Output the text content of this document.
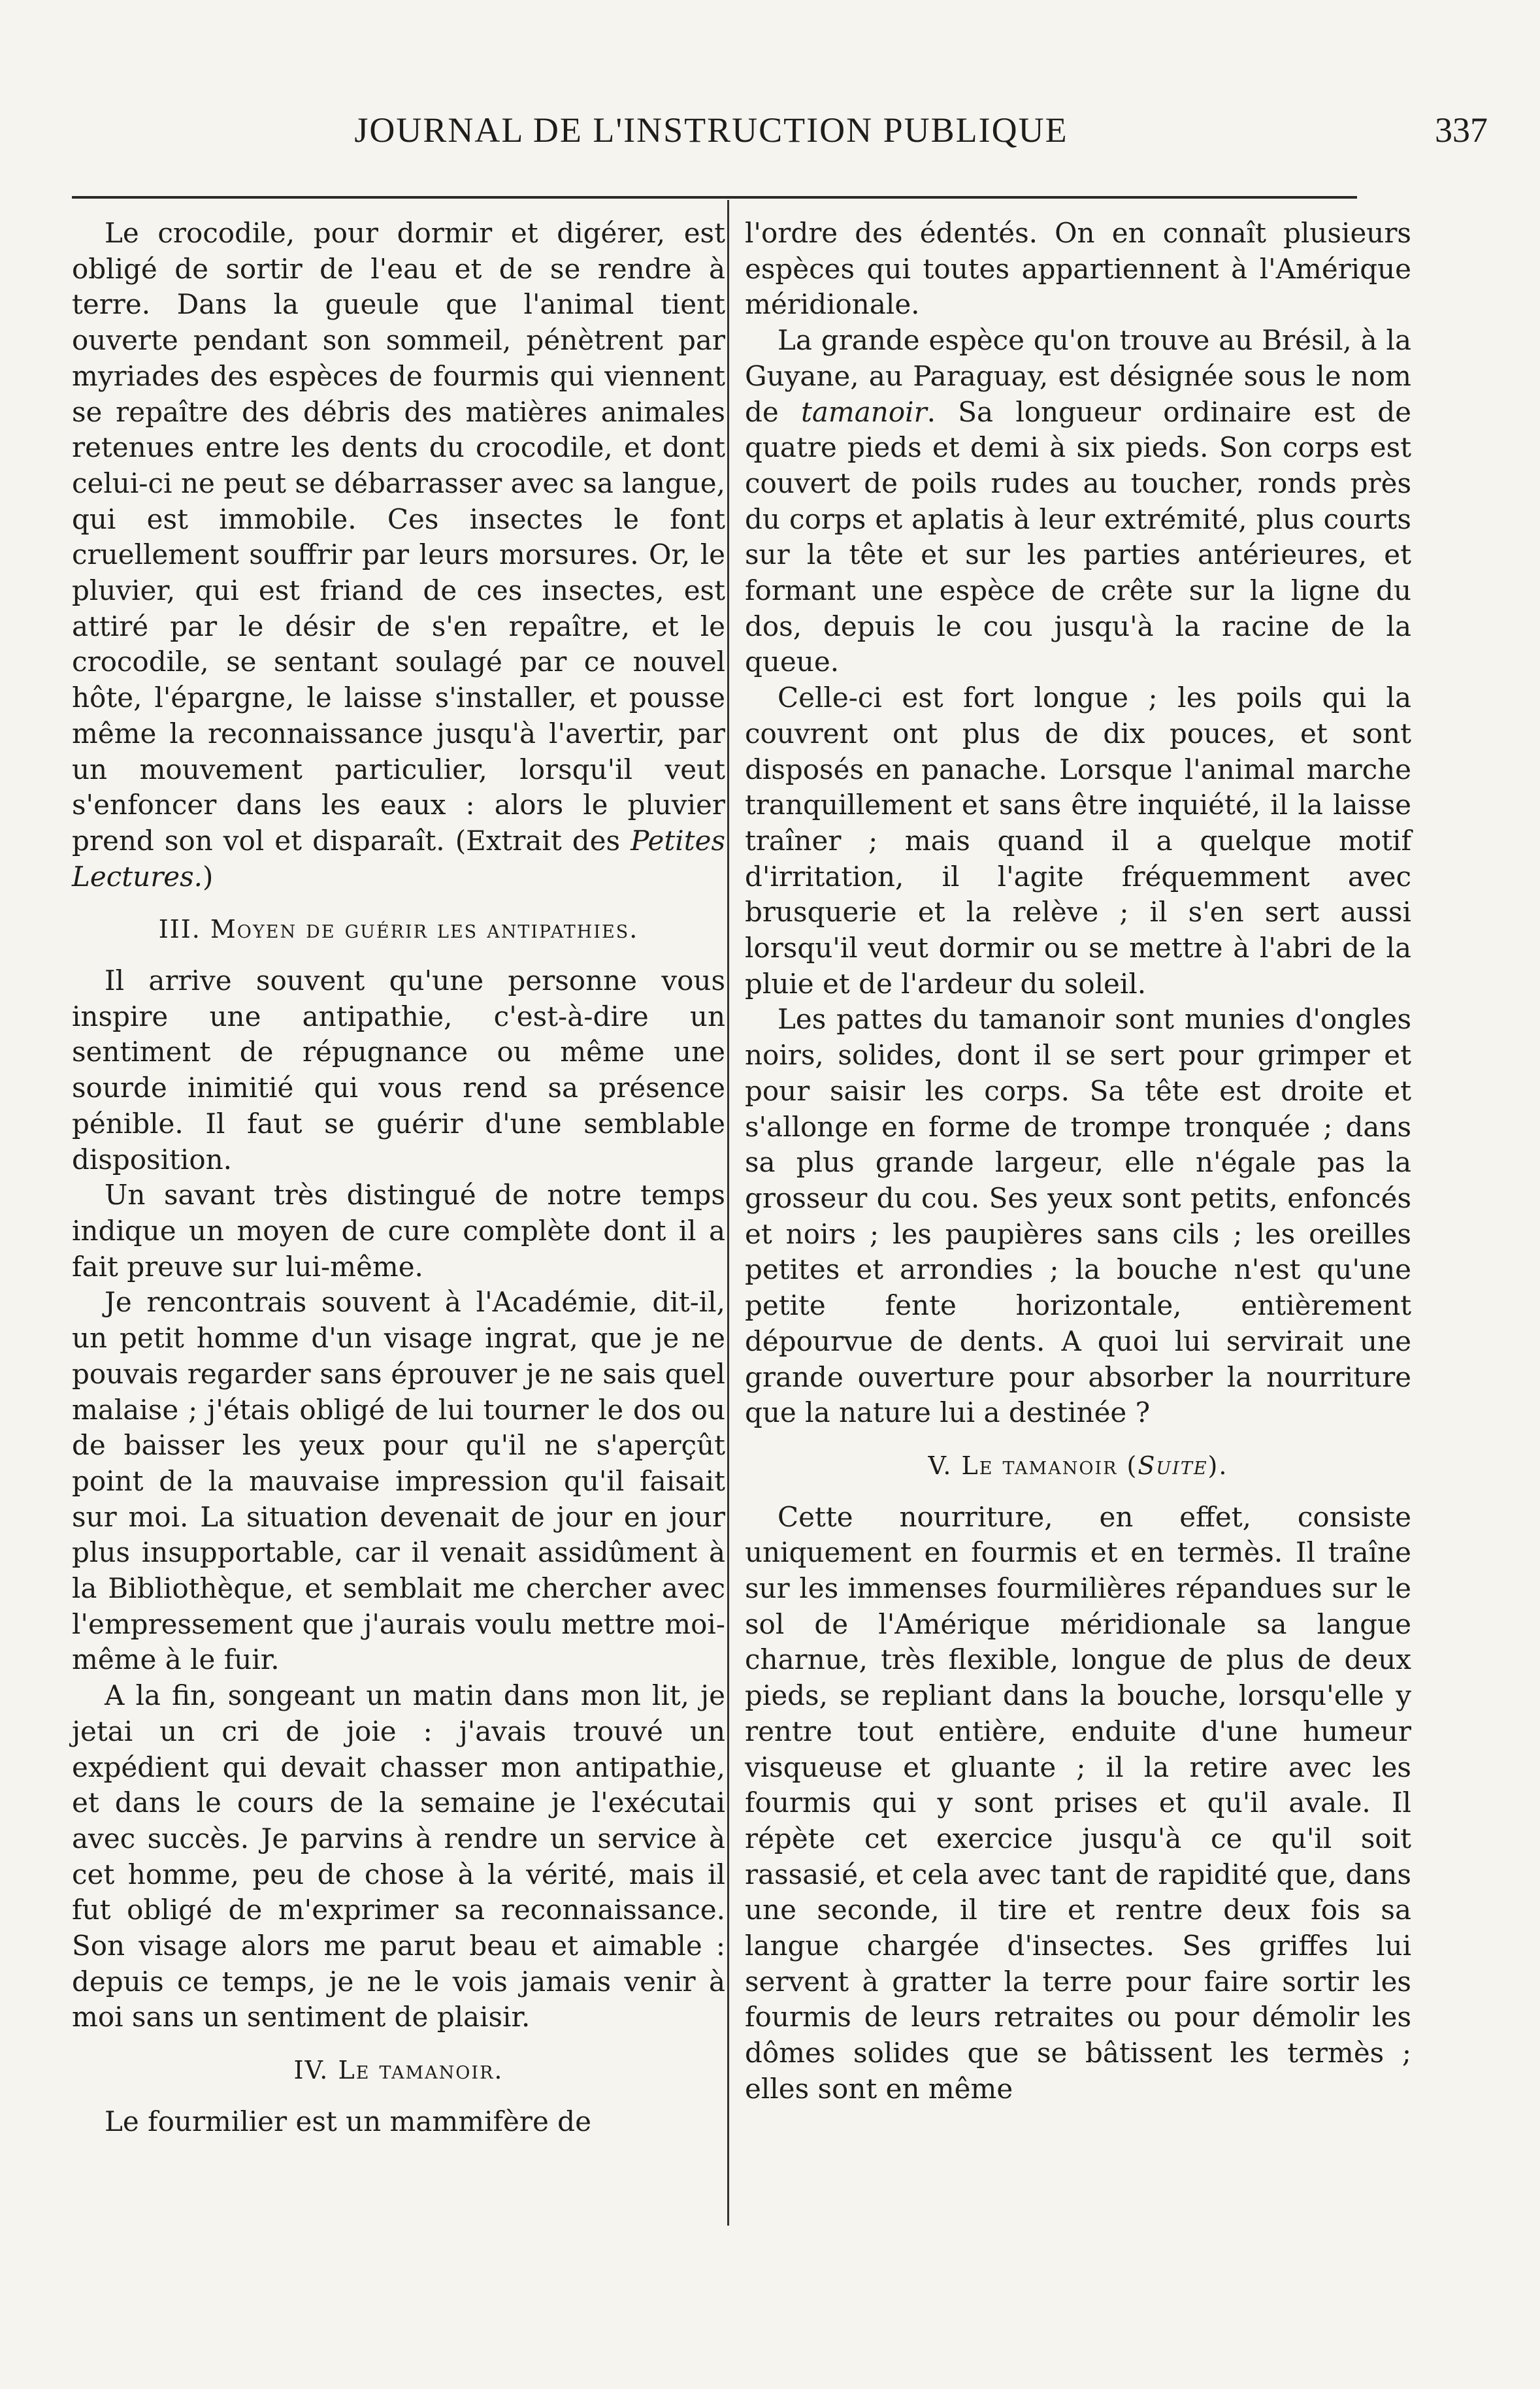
JOURNAL DE L'INSTRUCTION PUBLIQUE	337

Le crocodile, pour dormir et digérer, est obligé de sortir de l'eau et de se rendre à terre. Dans la gueule que l'animal tient ouverte pendant son sommeil, pénètrent par myriades des espèces de fourmis qui viennent se repaître des débris des matières animales retenues entre les dents du crocodile, et dont celui-ci ne peut se débarrasser avec sa langue, qui est immobile. Ces insectes le font cruellement souffrir par leurs morsures. Or, le pluvier, qui est friand de ces insectes, est attiré par le désir de s'en repaître, et le crocodile, se sentant soulagé par ce nouvel hôte, l'épargne, le laisse s'installer, et pousse même la reconnaissance jusqu'à l'avertir, par un mouvement particulier, lorsqu'il veut s'enfoncer dans les eaux : alors le pluvier prend son vol et disparaît. (Extrait des Petites Lectures.)

III. Moyen de guérir les antipathies.

Il arrive souvent qu'une personne vous inspire une antipathie, c'est-à-dire un sentiment de répugnance ou même une sourde inimitié qui vous rend sa présence pénible. Il faut se guérir d'une semblable disposition.

Un savant très distingué de notre temps indique un moyen de cure complète dont il a fait preuve sur lui-même.

Je rencontrais souvent à l'Académie, dit-il, un petit homme d'un visage ingrat, que je ne pouvais regarder sans éprouver je ne sais quel malaise ; j'étais obligé de lui tourner le dos ou de baisser les yeux pour qu'il ne s'aperçût point de la mauvaise impression qu'il faisait sur moi. La situation devenait de jour en jour plus insupportable, car il venait assidûment à la Bibliothèque, et semblait me chercher avec l'empressement que j'aurais voulu mettre moi-même à le fuir.

A la fin, songeant un matin dans mon lit, je jetai un cri de joie : j'avais trouvé un expédient qui devait chasser mon antipathie, et dans le cours de la semaine je l'exécutai avec succès. Je parvins à rendre un service à cet homme, peu de chose à la vérité, mais il fut obligé de m'exprimer sa reconnaissance. Son visage alors me parut beau et aimable : depuis ce temps, je ne le vois jamais venir à moi sans un sentiment de plaisir.

IV. Le tamanoir.

Le fourmilier est un mammifère de

l'ordre des édentés. On en connaît plusieurs espèces qui toutes appartiennent à l'Amérique méridionale.

La grande espèce qu'on trouve au Brésil, à la Guyane, au Paraguay, est désignée sous le nom de tamanoir. Sa longueur ordinaire est de quatre pieds et demi à six pieds. Son corps est couvert de poils rudes au toucher, ronds près du corps et aplatis à leur extrémité, plus courts sur la tête et sur les parties antérieures, et formant une espèce de crête sur la ligne du dos, depuis le cou jusqu'à la racine de la queue.

Celle-ci est fort longue ; les poils qui la couvrent ont plus de dix pouces, et sont disposés en panache. Lorsque l'animal marche tranquillement et sans être inquiété, il la laisse traîner ; mais quand il a quelque motif d'irritation, il l'agite fréquemment avec brusquerie et la relève ; il s'en sert aussi lorsqu'il veut dormir ou se mettre à l'abri de la pluie et de l'ardeur du soleil.

Les pattes du tamanoir sont munies d'ongles noirs, solides, dont il se sert pour grimper et pour saisir les corps. Sa tête est droite et s'allonge en forme de trompe tronquée ; dans sa plus grande largeur, elle n'égale pas la grosseur du cou. Ses yeux sont petits, enfoncés et noirs ; les paupières sans cils ; les oreilles petites et arrondies ; la bouche n'est qu'une petite fente horizontale, entièrement dépourvue de dents. A quoi lui servirait une grande ouverture pour absorber la nourriture que la nature lui a destinée ?

V. Le tamanoir (Suite).

Cette nourriture, en effet, consiste uniquement en fourmis et en termès. Il traîne sur les immenses fourmilières répandues sur le sol de l'Amérique méridionale sa langue charnue, très flexible, longue de plus de deux pieds, se repliant dans la bouche, lorsqu'elle y rentre tout entière, enduite d'une humeur visqueuse et gluante ; il la retire avec les fourmis qui y sont prises et qu'il avale. Il répète cet exercice jusqu'à ce qu'il soit rassasié, et cela avec tant de rapidité que, dans une seconde, il tire et rentre deux fois sa langue chargée d'insectes. Ses griffes lui servent à gratter la terre pour faire sortir les fourmis de leurs retraites ou pour démolir les dômes solides que se bâtissent les termès ; elles sont en même
